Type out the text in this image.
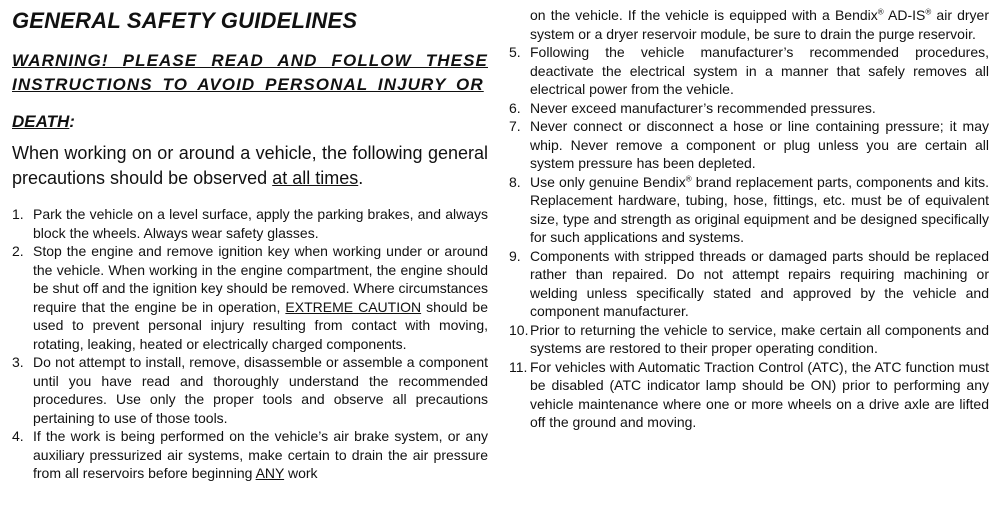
GENERAL SAFETY GUIDELINES
WARNING! PLEASE READ AND FOLLOW THESE INSTRUCTIONS TO AVOID PERSONAL INJURY OR
DEATH:

When working on or around a vehicle, the following general precautions should be observed at all times.

1. Park the vehicle on a level surface, apply the parking brakes, and always block the wheels. Always wear safety glasses.
2. Stop the engine and remove ignition key when working under or around the vehicle. When working in the engine compartment, the engine should be shut off and the ignition key should be removed. Where circumstances require that the engine be in operation, EXTREME CAUTION should be used to prevent personal injury resulting from contact with moving, rotating, leaking, heated or electrically charged components.
3. Do not attempt to install, remove, disassemble or assemble a component until you have read and thoroughly understand the recommended procedures. Use only the proper tools and observe all precautions pertaining to use of those tools.
4. If the work is being performed on the vehicle’s air brake system, or any auxiliary pressurized air systems, make certain to drain the air pressure from all reservoirs before beginning ANY work
on the vehicle. If the vehicle is equipped with a Bendix® AD-IS® air dryer system or a dryer reservoir module, be sure to drain the purge reservoir.
5. Following the vehicle manufacturer’s recommended procedures, deactivate the electrical system in a manner that safely removes all electrical power from the vehicle.
6. Never exceed manufacturer’s recommended pressures.
7. Never connect or disconnect a hose or line containing pressure; it may whip. Never remove a component or plug unless you are certain all system pressure has been depleted.
8. Use only genuine Bendix® brand replacement parts, components and kits. Replacement hardware, tubing, hose, fittings, etc. must be of equivalent size, type and strength as original equipment and be designed specifically for such applications and systems.
9. Components with stripped threads or damaged parts should be replaced rather than repaired. Do not attempt repairs requiring machining or welding unless specifically stated and approved by the vehicle and component manufacturer.
10. Prior to returning the vehicle to service, make certain all components and systems are restored to their proper operating condition.
11. For vehicles with Automatic Traction Control (ATC), the ATC function must be disabled (ATC indicator lamp should be ON) prior to performing any vehicle maintenance where one or more wheels on a drive axle are lifted off the ground and moving.
